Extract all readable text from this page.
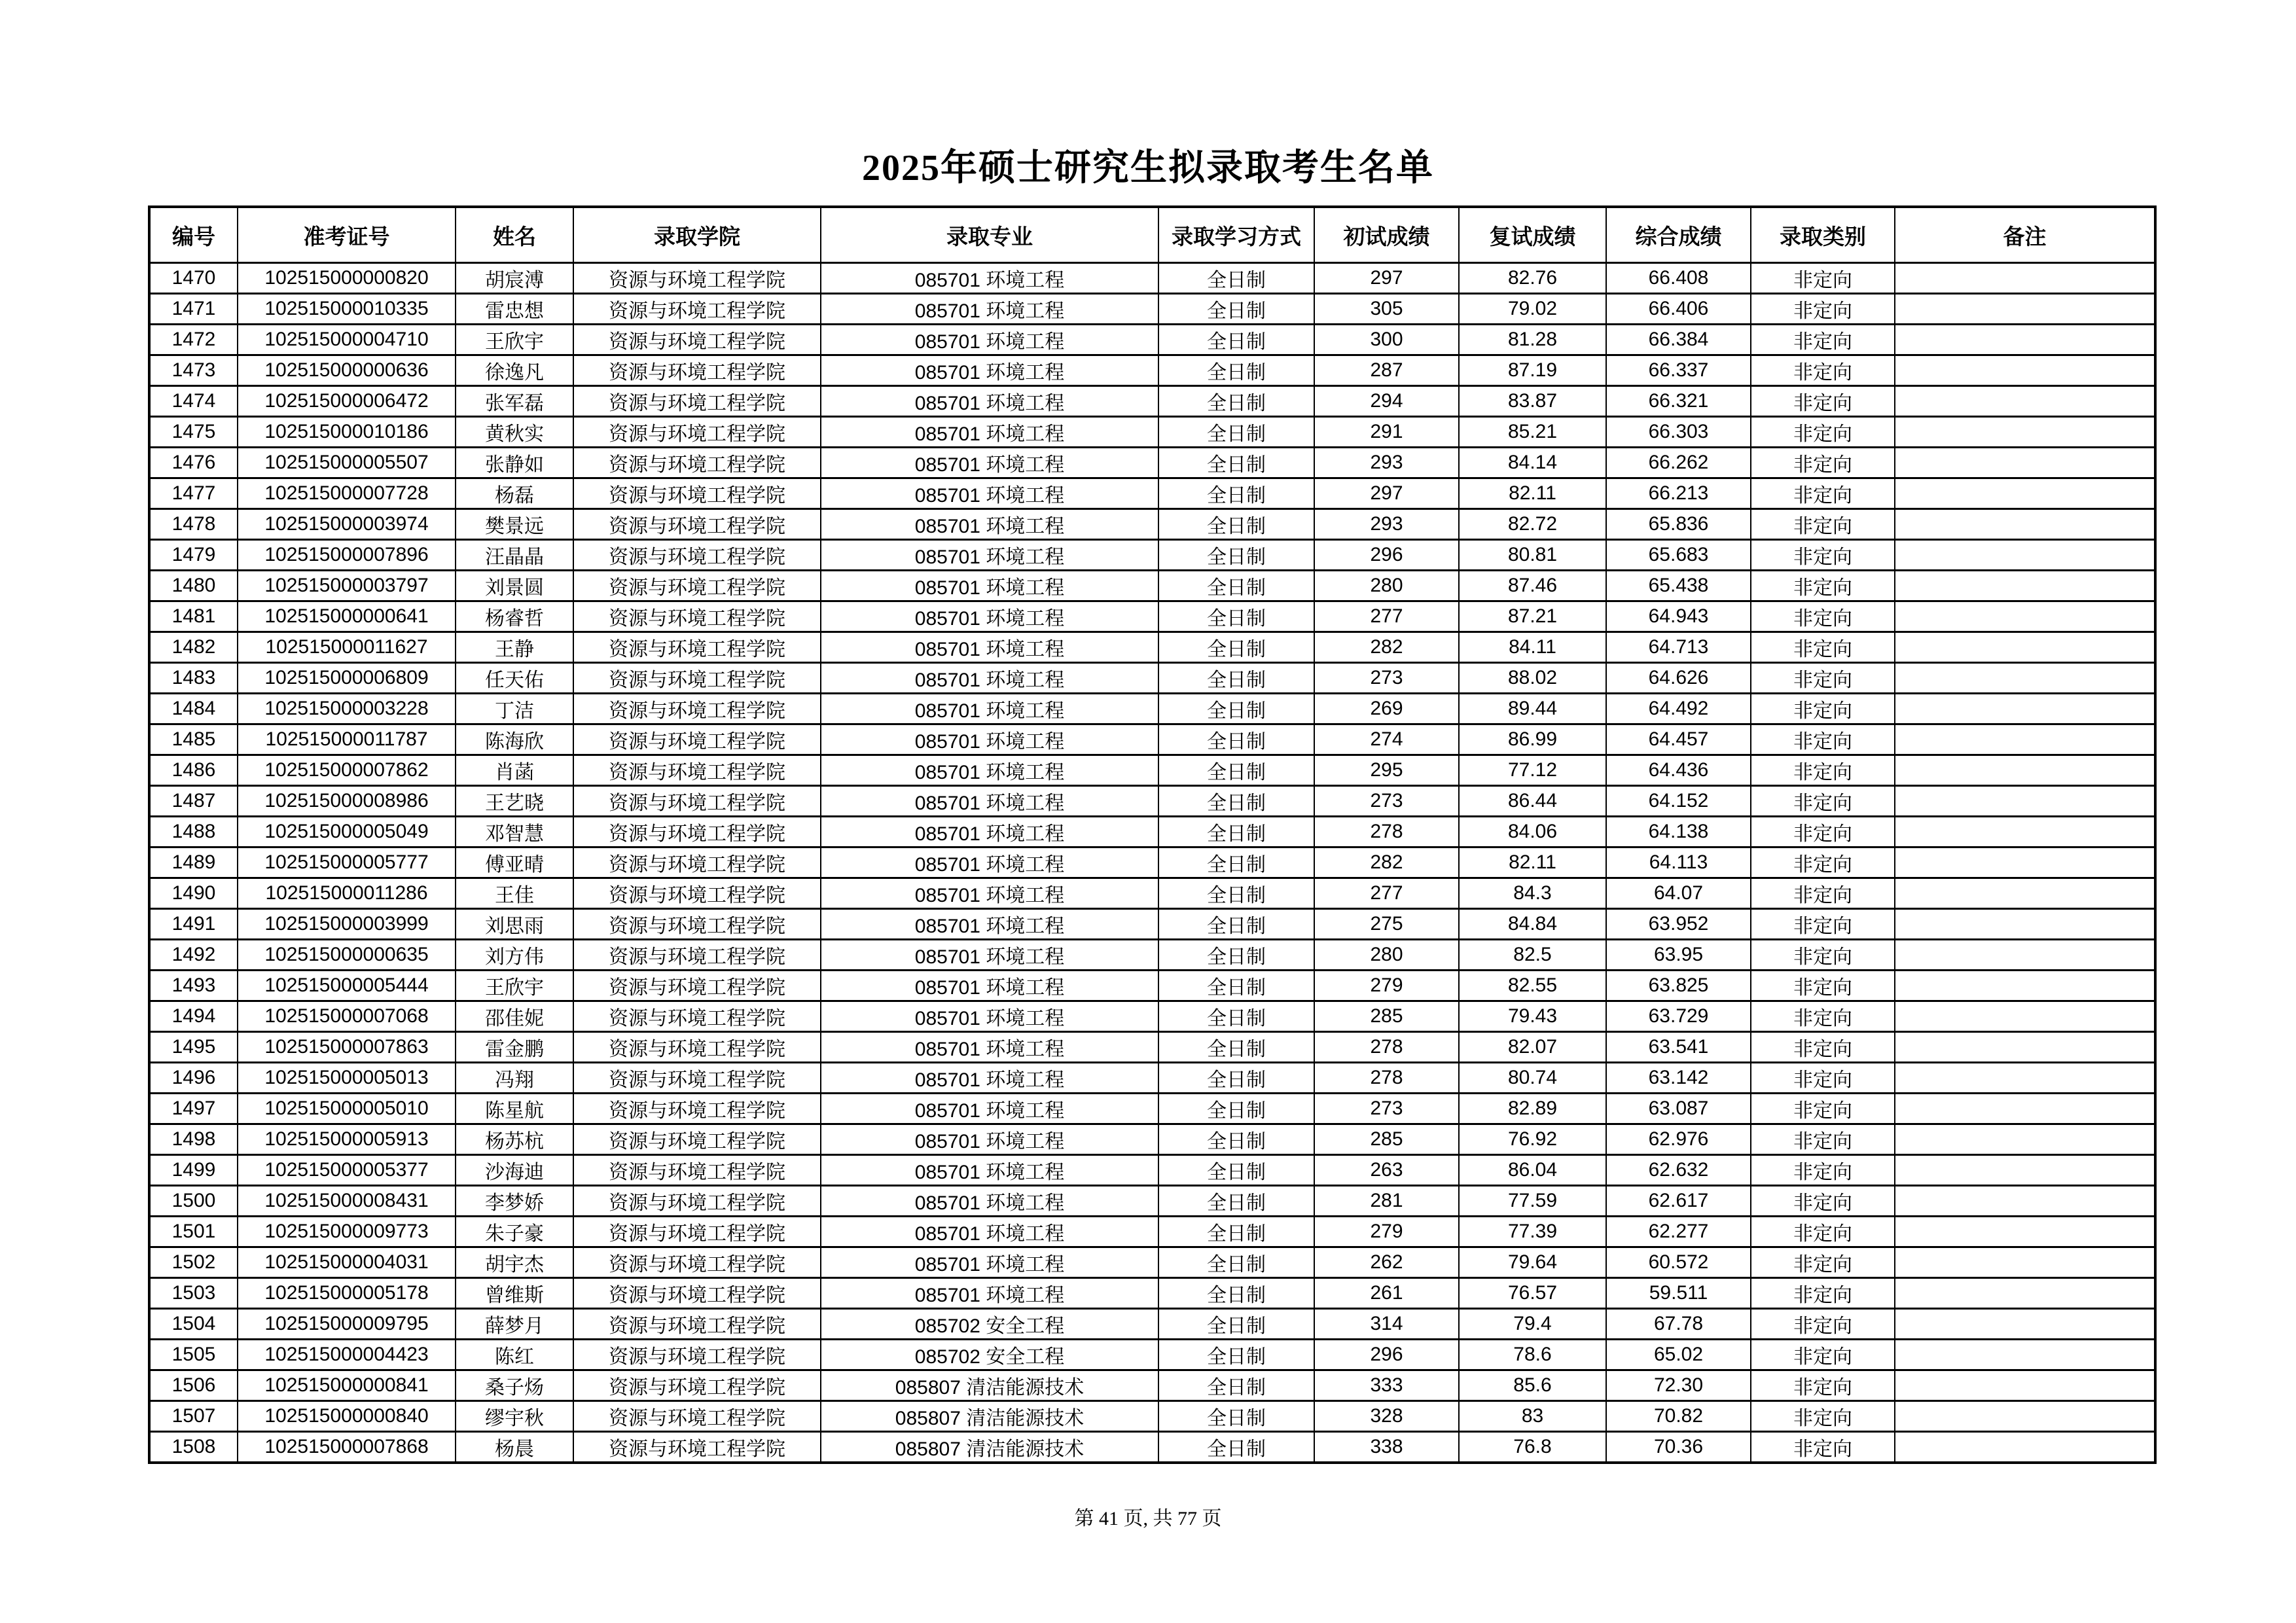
2025年硕士研究生拟录取考生名单
编号	准考证号	姓名	录取学院	录取专业	录取学习方式	初试成绩	复试成绩	综合成绩	录取类别	备注
1470	102515000000820	胡宸溥	资源与环境工程学院	085701 环境工程	全日制	297	82.76	66.408	非定向	
1471	102515000010335	雷忠想	资源与环境工程学院	085701 环境工程	全日制	305	79.02	66.406	非定向	
1472	102515000004710	王欣宇	资源与环境工程学院	085701 环境工程	全日制	300	81.28	66.384	非定向	
1473	102515000000636	徐逸凡	资源与环境工程学院	085701 环境工程	全日制	287	87.19	66.337	非定向	
1474	102515000006472	张军磊	资源与环境工程学院	085701 环境工程	全日制	294	83.87	66.321	非定向	
1475	102515000010186	黄秋实	资源与环境工程学院	085701 环境工程	全日制	291	85.21	66.303	非定向	
1476	102515000005507	张静如	资源与环境工程学院	085701 环境工程	全日制	293	84.14	66.262	非定向	
1477	102515000007728	杨磊	资源与环境工程学院	085701 环境工程	全日制	297	82.11	66.213	非定向	
1478	102515000003974	樊景远	资源与环境工程学院	085701 环境工程	全日制	293	82.72	65.836	非定向	
1479	102515000007896	汪晶晶	资源与环境工程学院	085701 环境工程	全日制	296	80.81	65.683	非定向	
1480	102515000003797	刘景圆	资源与环境工程学院	085701 环境工程	全日制	280	87.46	65.438	非定向	
1481	102515000000641	杨睿哲	资源与环境工程学院	085701 环境工程	全日制	277	87.21	64.943	非定向	
1482	102515000011627	王静	资源与环境工程学院	085701 环境工程	全日制	282	84.11	64.713	非定向	
1483	102515000006809	任天佑	资源与环境工程学院	085701 环境工程	全日制	273	88.02	64.626	非定向	
1484	102515000003228	丁洁	资源与环境工程学院	085701 环境工程	全日制	269	89.44	64.492	非定向	
1485	102515000011787	陈海欣	资源与环境工程学院	085701 环境工程	全日制	274	86.99	64.457	非定向	
1486	102515000007862	肖菡	资源与环境工程学院	085701 环境工程	全日制	295	77.12	64.436	非定向	
1487	102515000008986	王艺晓	资源与环境工程学院	085701 环境工程	全日制	273	86.44	64.152	非定向	
1488	102515000005049	邓智慧	资源与环境工程学院	085701 环境工程	全日制	278	84.06	64.138	非定向	
1489	102515000005777	傅亚晴	资源与环境工程学院	085701 环境工程	全日制	282	82.11	64.113	非定向	
1490	102515000011286	王佳	资源与环境工程学院	085701 环境工程	全日制	277	84.3	64.07	非定向	
1491	102515000003999	刘思雨	资源与环境工程学院	085701 环境工程	全日制	275	84.84	63.952	非定向	
1492	102515000000635	刘方伟	资源与环境工程学院	085701 环境工程	全日制	280	82.5	63.95	非定向	
1493	102515000005444	王欣宇	资源与环境工程学院	085701 环境工程	全日制	279	82.55	63.825	非定向	
1494	102515000007068	邵佳妮	资源与环境工程学院	085701 环境工程	全日制	285	79.43	63.729	非定向	
1495	102515000007863	雷金鹏	资源与环境工程学院	085701 环境工程	全日制	278	82.07	63.541	非定向	
1496	102515000005013	冯翔	资源与环境工程学院	085701 环境工程	全日制	278	80.74	63.142	非定向	
1497	102515000005010	陈星航	资源与环境工程学院	085701 环境工程	全日制	273	82.89	63.087	非定向	
1498	102515000005913	杨苏杭	资源与环境工程学院	085701 环境工程	全日制	285	76.92	62.976	非定向	
1499	102515000005377	沙海迪	资源与环境工程学院	085701 环境工程	全日制	263	86.04	62.632	非定向	
1500	102515000008431	李梦娇	资源与环境工程学院	085701 环境工程	全日制	281	77.59	62.617	非定向	
1501	102515000009773	朱子豪	资源与环境工程学院	085701 环境工程	全日制	279	77.39	62.277	非定向	
1502	102515000004031	胡宇杰	资源与环境工程学院	085701 环境工程	全日制	262	79.64	60.572	非定向	
1503	102515000005178	曾维斯	资源与环境工程学院	085701 环境工程	全日制	261	76.57	59.511	非定向	
1504	102515000009795	薛梦月	资源与环境工程学院	085702 安全工程	全日制	314	79.4	67.78	非定向	
1505	102515000004423	陈红	资源与环境工程学院	085702 安全工程	全日制	296	78.6	65.02	非定向	
1506	102515000000841	桑子炀	资源与环境工程学院	085807 清洁能源技术	全日制	333	85.6	72.30	非定向	
1507	102515000000840	缪宇秋	资源与环境工程学院	085807 清洁能源技术	全日制	328	83	70.82	非定向	
1508	102515000007868	杨晨	资源与环境工程学院	085807 清洁能源技术	全日制	338	76.8	70.36	非定向	
第 41 页, 共 77 页
